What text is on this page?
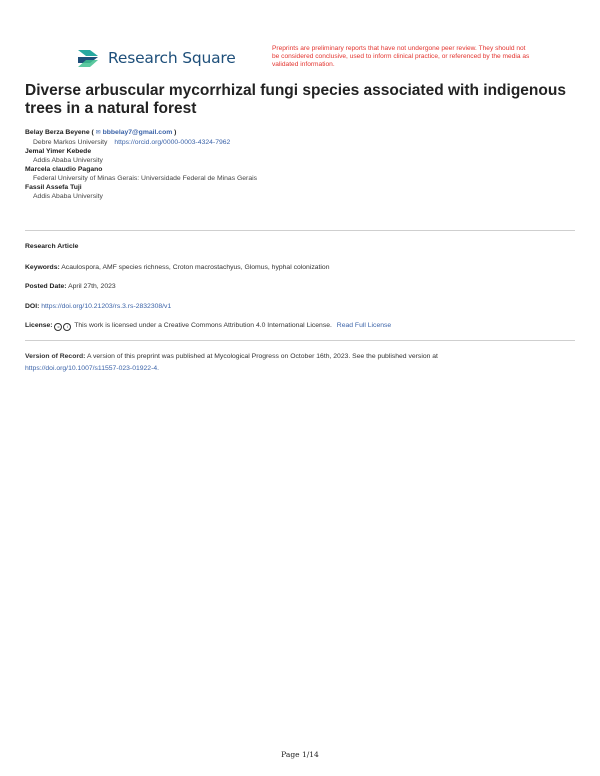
Research Square
Preprints are preliminary reports that have not undergone peer review. They should not be considered conclusive, used to inform clinical practice, or referenced by the media as validated information.
Diverse arbuscular mycorrhizal fungi species associated with indigenous trees in a natural forest
Belay Berza Beyene ( ✉ bbbelay7@gmail.com )
Debre Markos University https://orcid.org/0000-0003-4324-7962
Jemal Yimer Kebede
Addis Ababa University
Marcela claudio Pagano
Federal University of Minas Gerais: Universidade Federal de Minas Gerais
Fassil Assefa Tuji
Addis Ababa University
Research Article
Keywords: Acaulospora, AMF species richness, Croton macrostachyus, Glomus, hyphal colonization
Posted Date: April 27th, 2023
DOI: https://doi.org/10.21203/rs.3.rs-2832308/v1
License: c i This work is licensed under a Creative Commons Attribution 4.0 International License. Read Full License
Version of Record: A version of this preprint was published at Mycological Progress on October 16th, 2023. See the published version at
https://doi.org/10.1007/s11557-023-01922-4.
Page 1/14
